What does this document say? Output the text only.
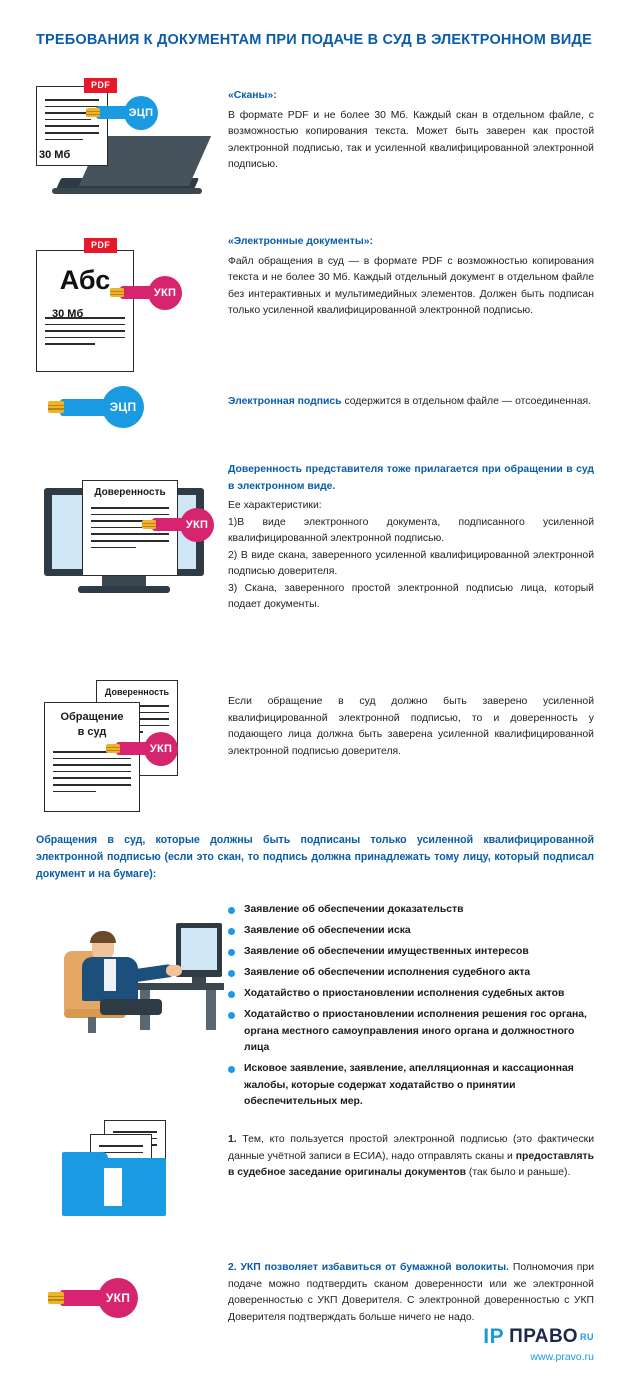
ТРЕБОВАНИЯ К ДОКУМЕНТАМ ПРИ ПОДАЧЕ В СУД В ЭЛЕКТРОННОМ ВИДЕ
PDF
30 Мб
ЭЦП
«Сканы»:
В формате PDF и не более 30 Мб. Каждый скан в отдельном файле, с возможностью копирования текста. Может быть заверен как простой электронной подписью, так и усиленной квалифицированной электронной подписью.
Абс
PDF
30 Мб
УКП
«Электронные документы»:
Файл обращения в суд — в формате PDF с возможностью копирования текста и не более 30 Мб. Каждый отдельный документ в отдельном файле без интерактивных и мультимедийных элементов. Должен быть подписан только усиленной квалифицированной электронной подписью.
ЭЦП	Электронная подпись содержится в отдельном файле — отсоединенная.
Доверенность
УКП
Доверенность представителя тоже прилагается при обращении в суд в электронном виде.
Ее характеристики:
1)В виде электронного документа, подписанного усиленной квалифицированной электронной подписью.
2) В виде скана, заверенного усиленной квалифицированной электронной подписью доверителя.
3) Скана, заверенного простой электронной подписью лица, который подает документы.
Доверенность
Обращение
в суд
УКП
Если обращение в суд должно быть заверено усиленной квалифицированной электронной подписью, то и доверенность у подающего лица должна быть заверена усиленной квалифицированной электронной подписью доверителя.
Обращения в суд, которые должны быть подписаны только усиленной квалифицированной электронной подписью (если это скан, то подпись должна принадлежать тому лицу, который подписал документ и на бумаге):
Заявление об обеспечении доказательств
Заявление об обеспечении иска
Заявление об обеспечении имущественных интересов
Заявление об обеспечении исполнения судебного акта
Ходатайство о приостановлении исполнения судебных актов
Ходатайство о приостановлении исполнения решения гос органа, органа местного самоуправления иного органа и должностного лица
Исковое заявление, заявление, апелляционная и кассационная жалобы, которые содержат ходатайство о принятии обеспечительных мер.
1. Тем, кто пользуется простой электронной подписью (это фактически данные учётной записи в ЕСИА), надо отправлять сканы и предоставлять в судебное заседание оригиналы документов (так было и раньше).
УКП
2. УКП позволяет избавиться от бумажной волокиты. Полномочия при подаче можно подтвердить сканом доверенности или же электронной доверенностью с УКП Доверителя. С электронной доверенностью с УКП Доверителя подтверждать больше ничего не надо.
ІР ПРАВО RU
www.pravo.ru
